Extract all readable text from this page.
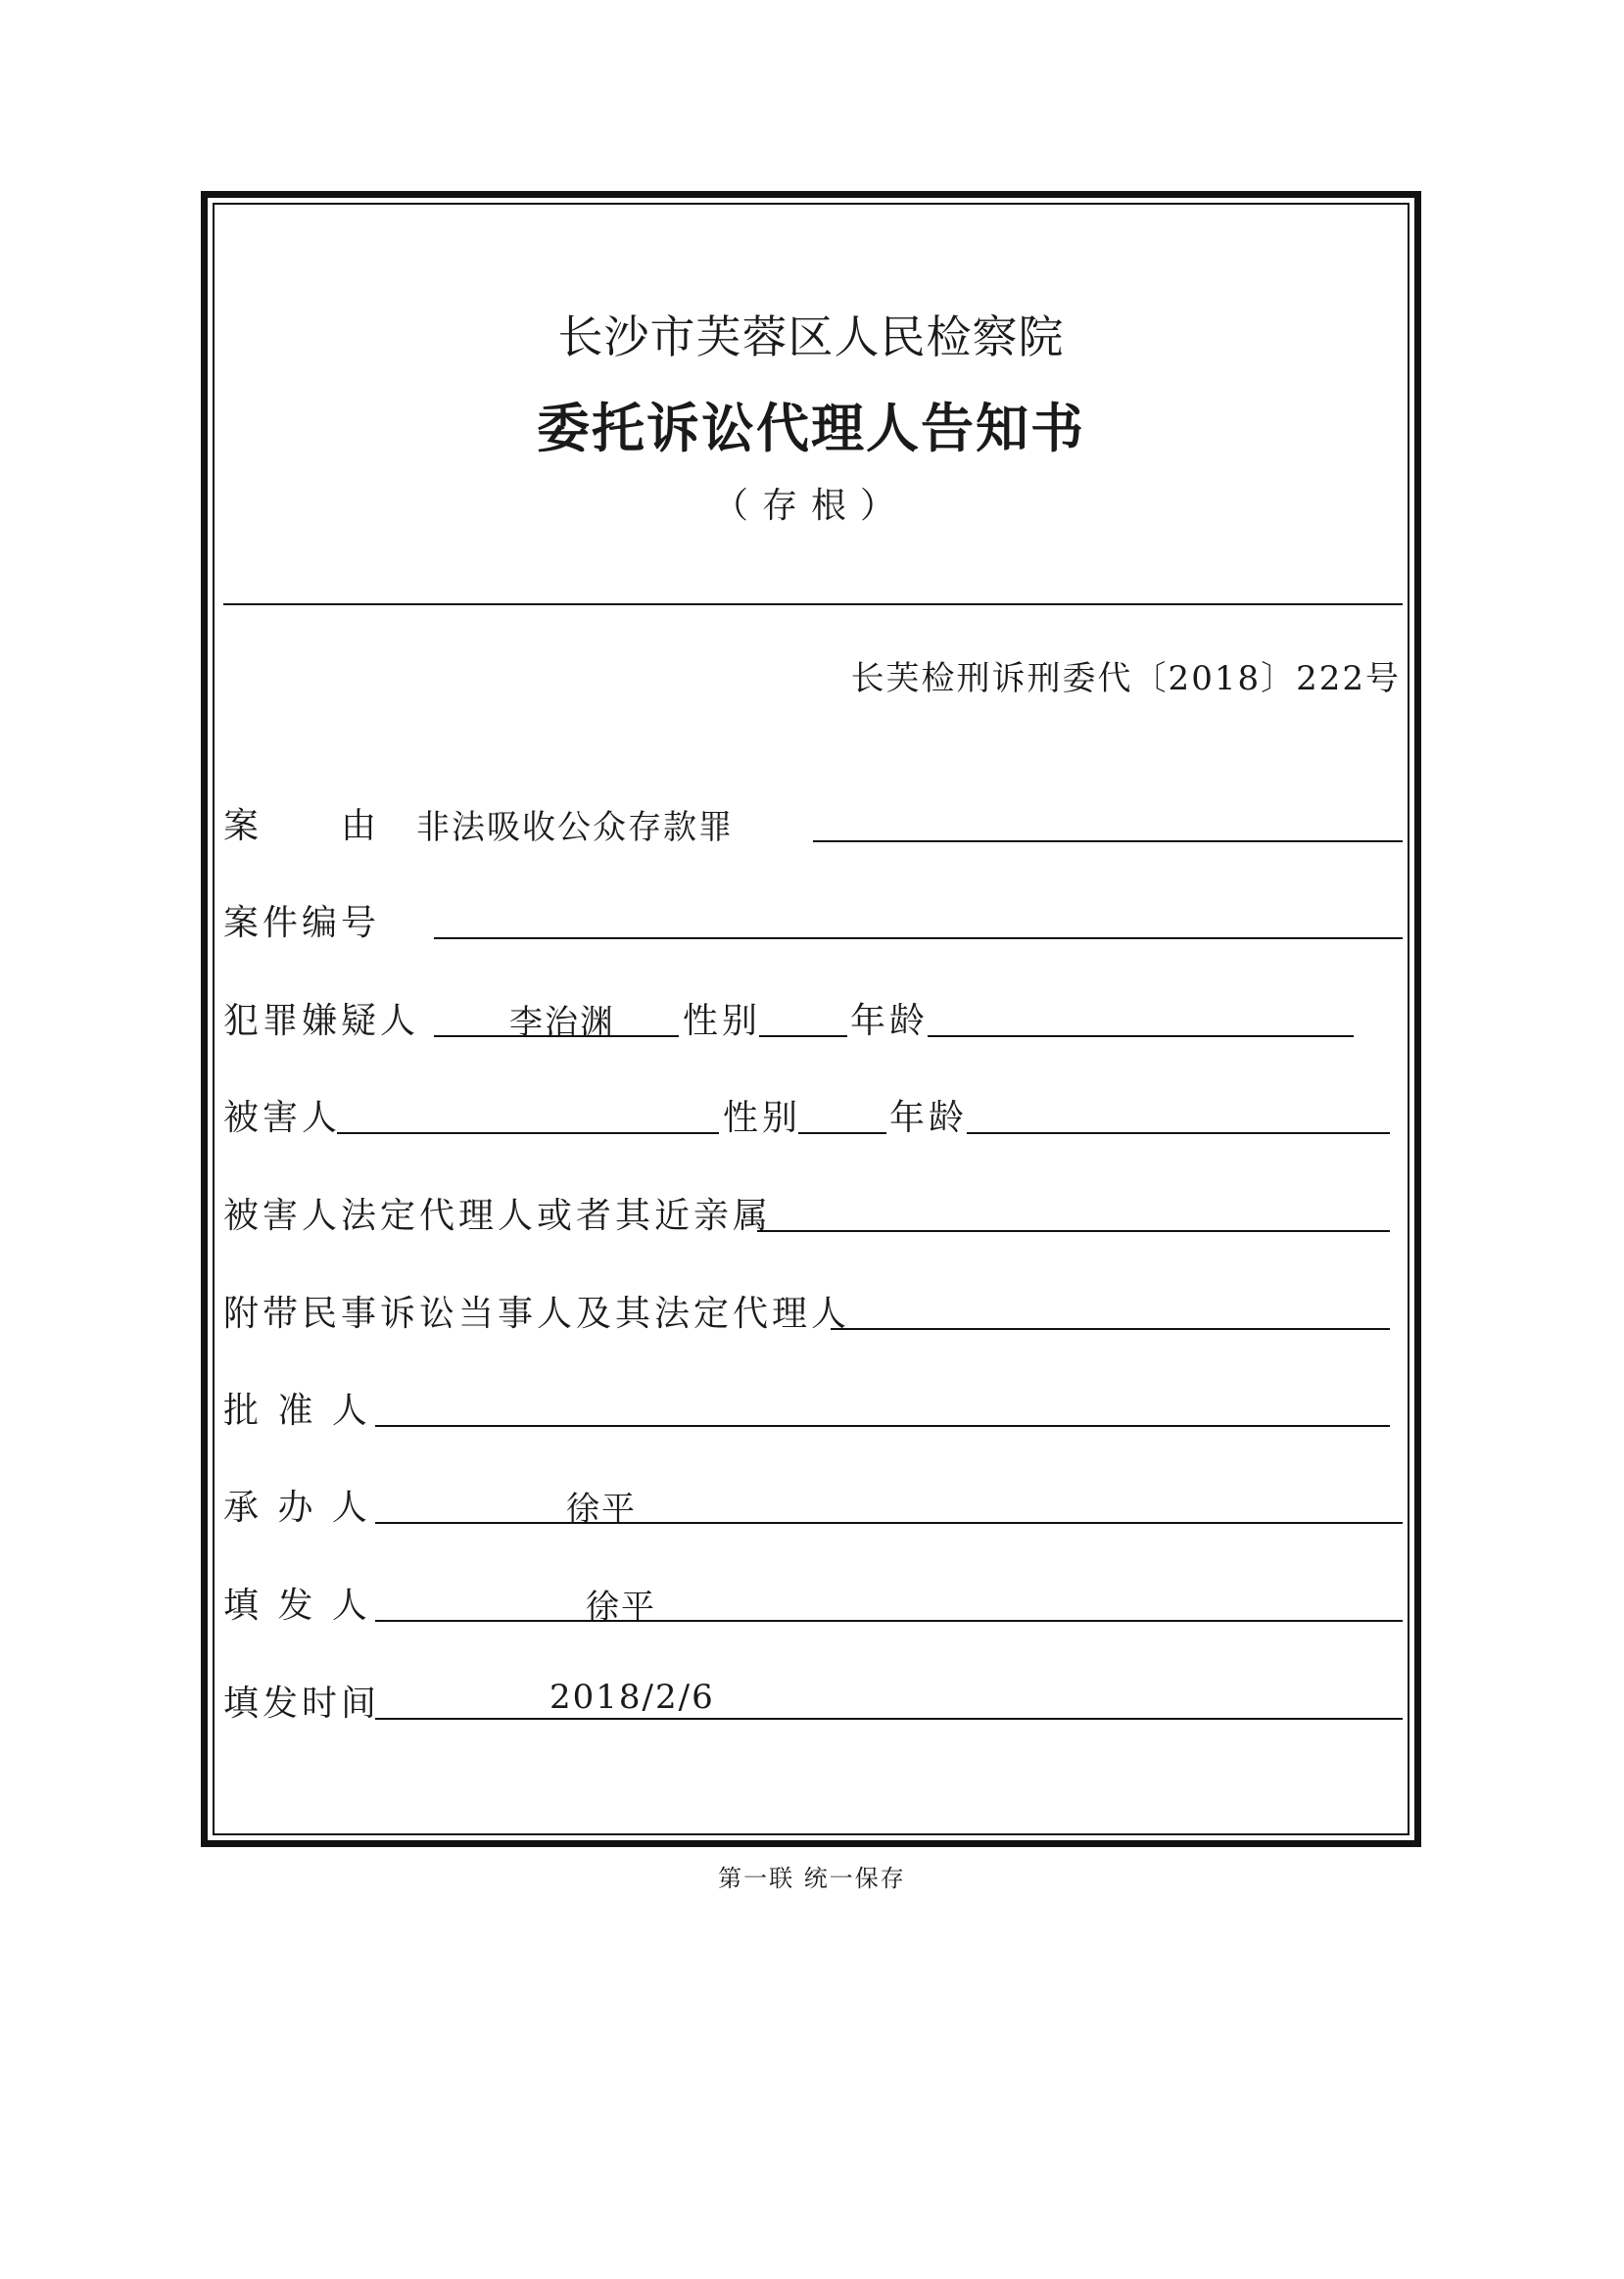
长沙市芙蓉区人民检察院
委托诉讼代理人告知书
（存根）
长芙检刑诉刑委代〔2018〕222号
案　　由 非法吸收公众存款罪
案件编号
犯罪嫌疑人	李治渊 性别	年龄
被害人	性别 年龄
被害人法定代理人或者其近亲属
附带民事诉讼当事人及其法定代理人
批 准 人
承 办 人	徐平
填 发 人	徐平
填发时间	2018/2/6
第一联 统一保存
